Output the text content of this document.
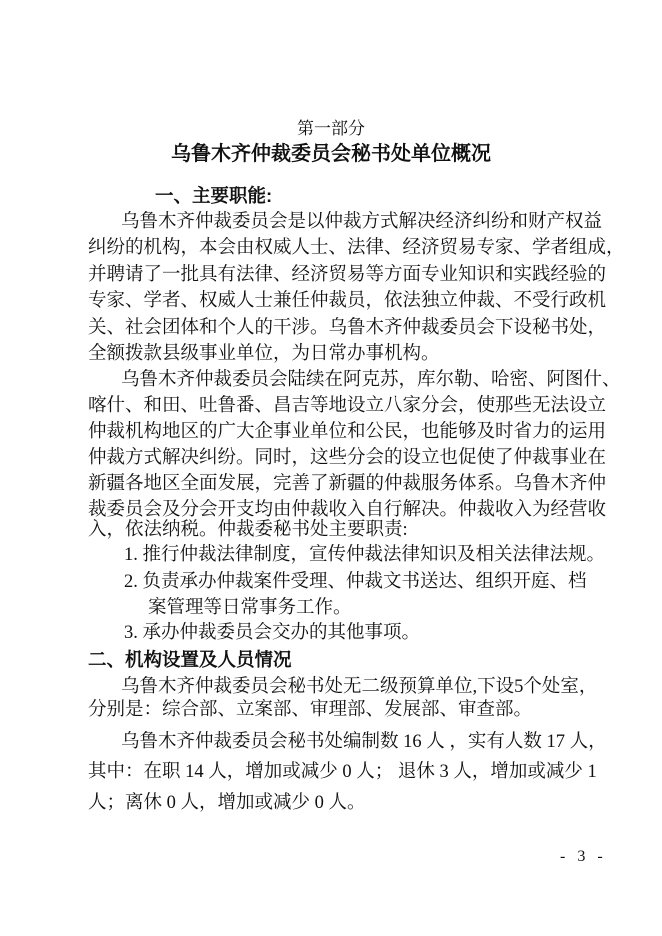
第一部分
乌鲁木齐仲裁委员会秘书处单位概况
一、主要职能:
乌鲁木齐仲裁委员会是以仲裁方式解决经济纠纷和财产权益
纠纷的机构，本会由权威人士、法律、经济贸易专家、学者组成，
并聘请了一批具有法律、经济贸易等方面专业知识和实践经验的
专家、学者、权威人士兼任仲裁员，依法独立仲裁、不受行政机
关、社会团体和个人的干涉。乌鲁木齐仲裁委员会下设秘书处，
全额拨款县级事业单位，为日常办事机构。
乌鲁木齐仲裁委员会陆续在阿克苏，库尔勒、哈密、阿图什、
喀什、和田、吐鲁番、昌吉等地设立八家分会，使那些无法设立
仲裁机构地区的广大企事业单位和公民，也能够及时省力的运用
仲裁方式解决纠纷。同时，这些分会的设立也促使了仲裁事业在
新疆各地区全面发展，完善了新疆的仲裁服务体系。乌鲁木齐仲
裁委员会及分会开支均由仲裁收入自行解决。仲裁收入为经营收
入，依法纳税。仲裁委秘书处主要职责:
1. 推行仲裁法律制度，宣传仲裁法律知识及相关法律法规。
2. 负责承办仲裁案件受理、仲裁文书送达、组织开庭、档
案管理等日常事务工作。
3. 承办仲裁委员会交办的其他事项。
二、机构设置及人员情况
乌鲁木齐仲裁委员会秘书处无二级预算单位,下设5个处室，
分别是：综合部、立案部、审理部、发展部、审查部。
乌鲁木齐仲裁委员会秘书处编制数 16 人 ，实有人数 17 人，
其中：在职 14 人，增加或减少 0 人； 退休 3 人，增加或减少 1
人；离休 0 人，增加或减少 0 人。
- 3 -
